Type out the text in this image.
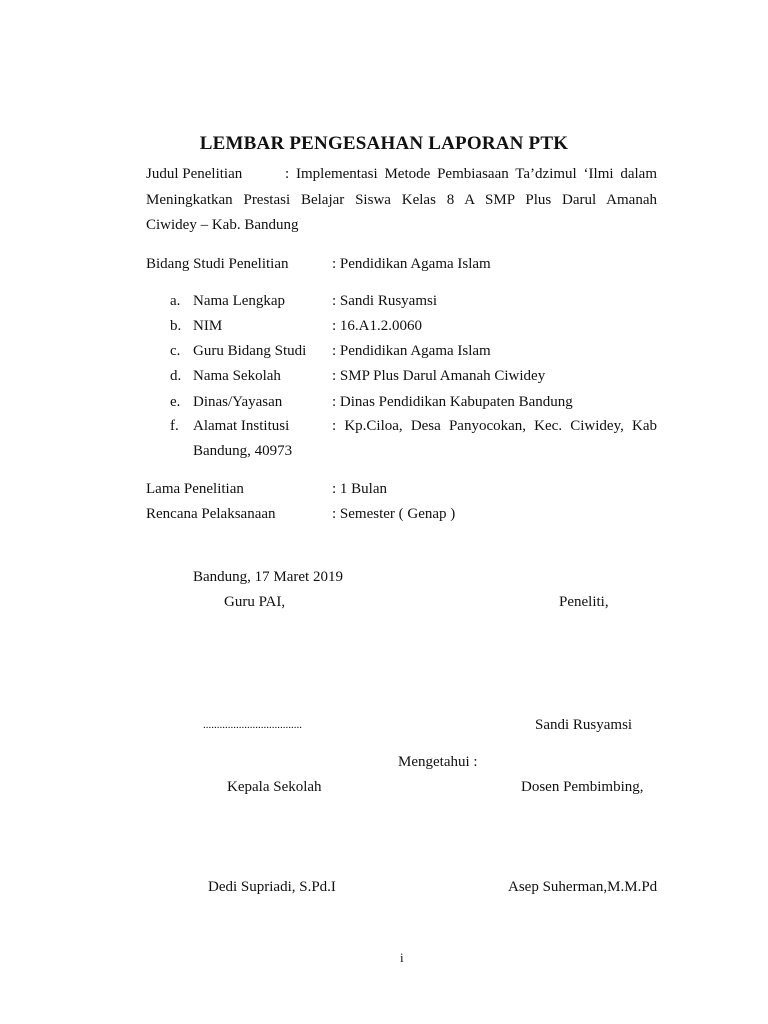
LEMBAR PENGESAHAN LAPORAN PTK
Judul Penelitian	: Implementasi Metode Pembiasaan Ta’dzimul ‘Ilmi dalam
Meningkatkan Prestasi Belajar Siswa Kelas 8 A SMP Plus Darul Amanah
Ciwidey – Kab. Bandung
Bidang Studi Penelitian	: Pendidikan Agama Islam
a. Nama Lengkap	: Sandi Rusyamsi
b. NIM	: 16.A1.2.0060
c. Guru Bidang Studi : Pendidikan Agama Islam
d. Nama Sekolah	: SMP Plus Darul Amanah Ciwidey
e. Dinas/Yayasan	: Dinas Pendidikan Kabupaten Bandung
f. Alamat Institusi	: Kp.Ciloa, Desa Panyocokan, Kec. Ciwidey, Kab
Bandung, 40973
Lama Penelitian	: 1 Bulan
Rencana Pelaksanaan	: Semester ( Genap )
Bandung, 17 Maret 2019
Guru PAI,	Peneliti,
....................................	Sandi Rusyamsi
Mengetahui :
Kepala Sekolah	Dosen Pembimbing,
Dedi Supriadi, S.Pd.I	Asep Suherman,M.M.Pd
i
